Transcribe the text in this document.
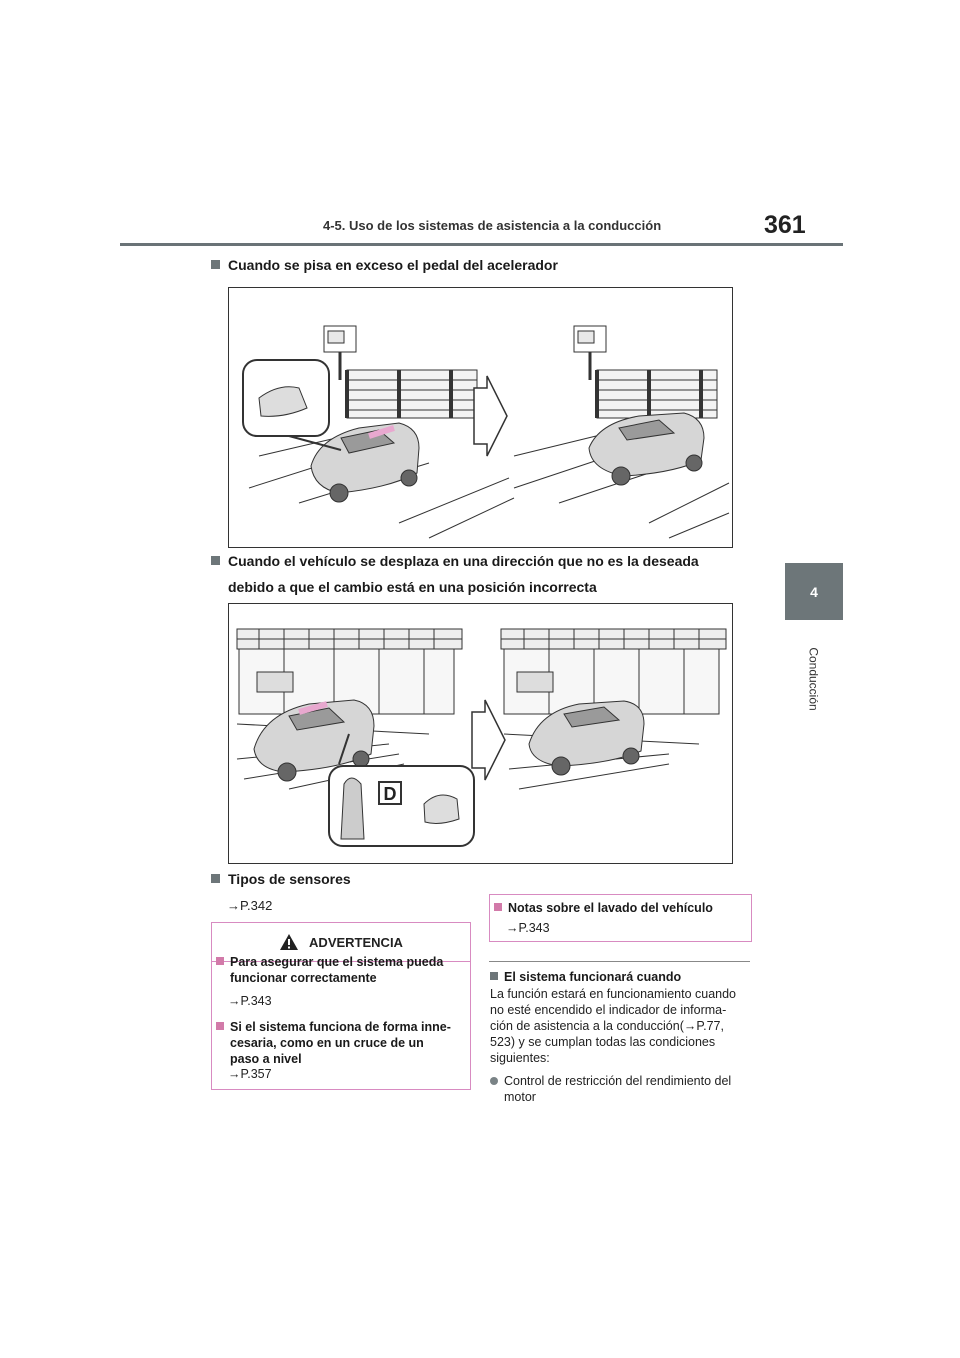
4-5. Uso de los sistemas de asistencia a la conducción	361
4
Conducción
Cuando se pisa en exceso el pedal del acelerador
Cuando el vehículo se desplaza en una dirección que no es la deseada
debido a que el cambio está en una posición incorrecta
D
Tipos de sensores
→P.342
ADVERTENCIA
Para asegurar que el sistema pueda
funcionar correctamente
→P.343
Si el sistema funciona de forma inne-
cesaria, como en un cruce de un
paso a nivel
→P.357
Notas sobre el lavado del vehículo
→P.343
El sistema funcionará cuando
La función estará en funcionamiento cuando
no esté encendido el indicador de informa-
ción de asistencia a la conducción(→P.77,
523) y se cumplan todas las condiciones
siguientes:
Control de restricción del rendimiento del
motor
